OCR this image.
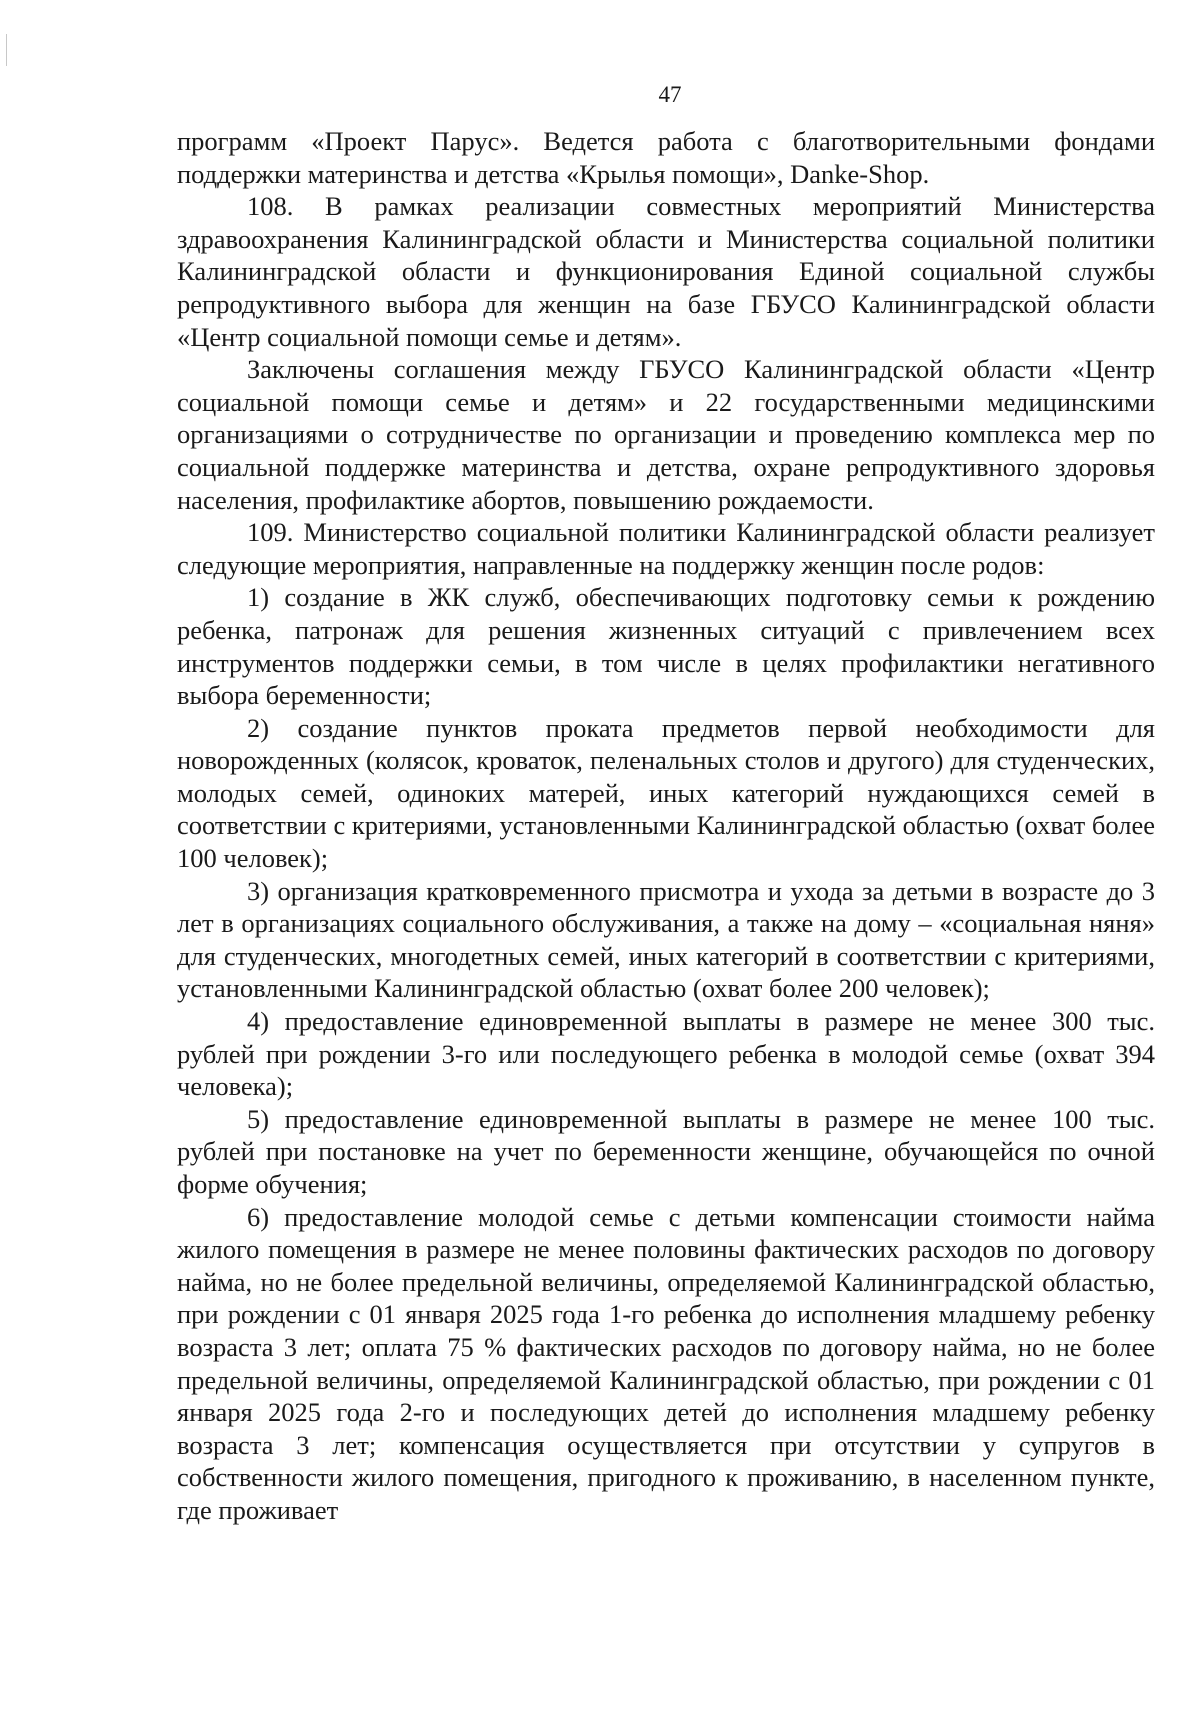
47

программ «Проект Парус». Ведется работа с благотворительными фондами поддержки материнства и детства «Крылья помощи», Danke-Shop.

108. В рамках реализации совместных мероприятий Министерства здравоохранения Калининградской области и Министерства социальной политики Калининградской области и функционирования Единой социальной службы репродуктивного выбора для женщин на базе ГБУСО Калининградской области «Центр социальной помощи семье и детям».

Заключены соглашения между ГБУСО Калининградской области «Центр социальной помощи семье и детям» и 22 государственными медицинскими организациями о сотрудничестве по организации и проведению комплекса мер по социальной поддержке материнства и детства, охране репродуктивного здоровья населения, профилактике абортов, повышению рождаемости.

109. Министерство социальной политики Калининградской области реализует следующие мероприятия, направленные на поддержку женщин после родов:

1) создание в ЖК служб, обеспечивающих подготовку семьи к рождению ребенка, патронаж для решения жизненных ситуаций с привлечением всех инструментов поддержки семьи, в том числе в целях профилактики негативного выбора беременности;

2) создание пунктов проката предметов первой необходимости для новорожденных (колясок, кроваток, пеленальных столов и другого) для студенческих, молодых семей, одиноких матерей, иных категорий нуждающихся семей в соответствии с критериями, установленными Калининградской областью (охват более 100 человек);

3) организация кратковременного присмотра и ухода за детьми в возрасте до 3 лет в организациях социального обслуживания, а также на дому – «социальная няня» для студенческих, многодетных семей, иных категорий в соответствии с критериями, установленными Калининградской областью (охват более 200 человек);

4) предоставление единовременной выплаты в размере не менее 300 тыс. рублей при рождении 3-го или последующего ребенка в молодой семье (охват 394 человека);

5) предоставление единовременной выплаты в размере не менее 100 тыс. рублей при постановке на учет по беременности женщине, обучающейся по очной форме обучения;

6) предоставление молодой семье с детьми компенсации стоимости найма жилого помещения в размере не менее половины фактических расходов по договору найма, но не более предельной величины, определяемой Калининградской областью, при рождении с 01 января 2025 года 1-го ребенка до исполнения младшему ребенку возраста 3 лет; оплата 75 % фактических расходов по договору найма, но не более предельной величины, определяемой Калининградской областью, при рождении с 01 января 2025 года 2-го и последующих детей до исполнения младшему ребенку возраста 3 лет; компенсация осуществляется при отсутствии у супругов в собственности жилого помещения, пригодного к проживанию, в населенном пункте, где проживает
